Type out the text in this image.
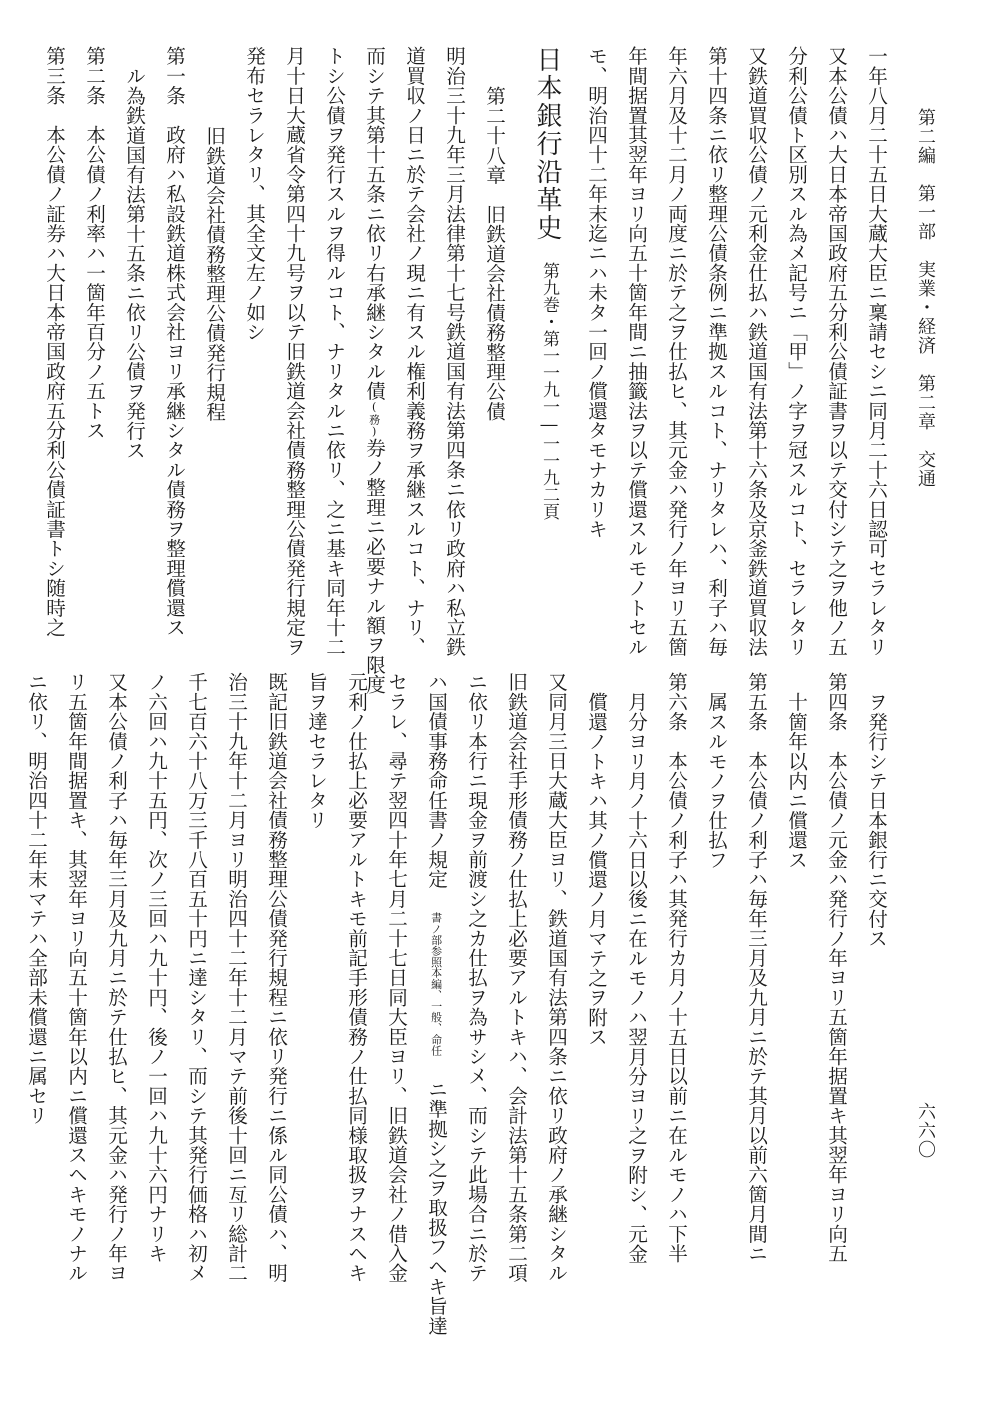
第二編　第一部　実業・経済　第二章　交通
六六〇
一年八月二十五日大蔵大臣ニ稟請セシニ同月二十六日認可セラレタリ
又本公債ハ大日本帝国政府五分利公債証書ヲ以テ交付シテ之ヲ他ノ五
分利公債ト区別スル為メ記号ニ「甲」ノ字ヲ冠スルコト、セラレタリ
又鉄道買収公債ノ元利金仕払ハ鉄道国有法第十六条及京釜鉄道買収法
第十四条ニ依リ整理公債条例ニ準拠スルコト、ナリタレハ、利子ハ毎
年六月及十二月ノ両度ニ於テ之ヲ仕払ヒ、其元金ハ発行ノ年ヨリ五箇
年間据置其翌年ヨリ向五十箇年間ニ抽籤法ヲ以テ償還スルモノトセル
モ、明治四十二年末迄ニハ未タ一回ノ償還タモナカリキ
日本銀行沿革史
第九巻・第一一九一―一一九二頁
第二十八章　旧鉄道会社債務整理公債
明治三十九年三月法律第十七号鉄道国有法第四条ニ依リ政府ハ私立鉄
道買収ノ日ニ於テ会社ノ現ニ有スル権利義務ヲ承継スルコト、ナリ、
而シテ其第十五条ニ依リ右承継シタル債(務)券ノ整理ニ必要ナル額ヲ限度
トシ公債ヲ発行スルヲ得ルコト、ナリタルニ依リ、之ニ基キ同年十二
月十日大蔵省令第四十九号ヲ以テ旧鉄道会社債務整理公債発行規定ヲ
発布セラレタリ、其全文左ノ如シ
旧鉄道会社債務整理公債発行規程
第一条　政府ハ私設鉄道株式会社ヨリ承継シタル債務ヲ整理償還ス
ル為鉄道国有法第十五条ニ依リ公債ヲ発行ス
第二条　本公債ノ利率ハ一箇年百分ノ五トス
第三条　本公債ノ証券ハ大日本帝国政府五分利公債証書トシ随時之
ヲ発行シテ日本銀行ニ交付ス
第四条　本公債ノ元金ハ発行ノ年ヨリ五箇年据置キ其翌年ヨリ向五
十箇年以内ニ償還ス
第五条　本公債ノ利子ハ毎年三月及九月ニ於テ其月以前六箇月間ニ
属スルモノヲ仕払フ
第六条　本公債ノ利子ハ其発行カ月ノ十五日以前ニ在ルモノハ下半
月分ヨリ月ノ十六日以後ニ在ルモノハ翌月分ヨリ之ヲ附シ、元金
償還ノトキハ其ノ償還ノ月マテ之ヲ附ス
又同月三日大蔵大臣ヨリ、鉄道国有法第四条ニ依リ政府ノ承継シタル
旧鉄道会社手形債務ノ仕払上必要アルトキハ、会計法第十五条第二項
ニ依リ本行ニ現金ヲ前渡シ之カ仕払ヲ為サシメ、而シテ此場合ニ於テ
ハ国債事務命任書ノ規定
本編、一般、命任
書ノ部参照
ニ準拠シ之ヲ取扱フヘキ旨達
セラレ、尋テ翌四十年七月二十七日同大臣ヨリ、旧鉄道会社ノ借入金
元利ノ仕払上必要アルトキモ前記手形債務ノ仕払同様取扱ヲナスヘキ
旨ヲ達セラレタリ
既記旧鉄道会社債務整理公債発行規程ニ依リ発行ニ係ル同公債ハ、明
治三十九年十二月ヨリ明治四十二年十二月マテ前後十回ニ亙リ総計二
千七百六十八万三千八百五十円ニ達シタリ、而シテ其発行価格ハ初メ
ノ六回ハ九十五円、次ノ三回ハ九十円、後ノ一回ハ九十六円ナリキ
又本公債ノ利子ハ毎年三月及九月ニ於テ仕払ヒ、其元金ハ発行ノ年ヨ
リ五箇年間据置キ、其翌年ヨリ向五十箇年以内ニ償還スヘキモノナル
ニ依リ、明治四十二年末マテハ全部未償還ニ属セリ
